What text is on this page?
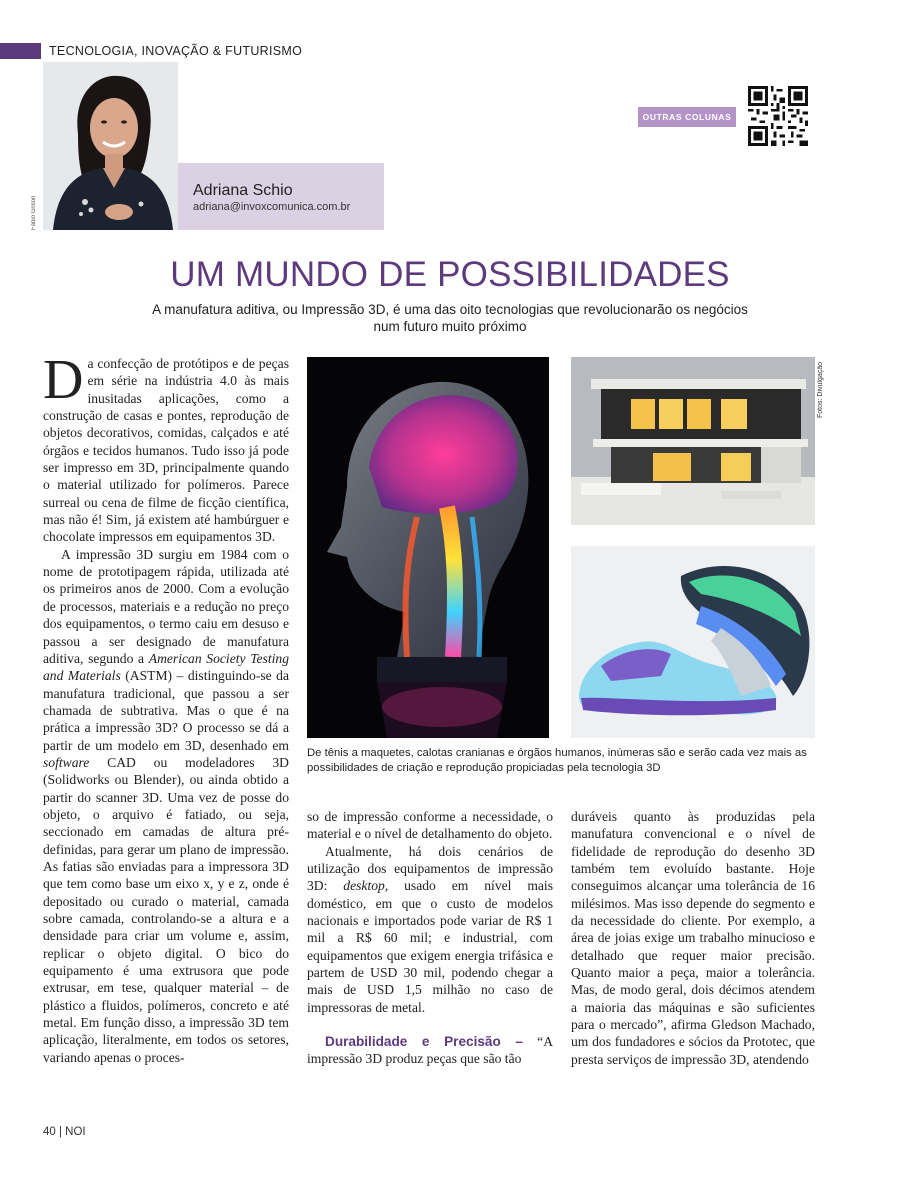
TECNOLOGIA, INOVAÇÃO & FUTURISMO
Fabio Grison
Adriana Schio
adriana@invoxcomunica.com.br
OUTRAS COLUNAS
UM MUNDO DE POSSIBILIDADES
A manufatura aditiva, ou Impressão 3D, é uma das oito tecnologias que revolucionarão os negócios num futuro muito próximo

Da confecção de protótipos e de peças em série na indústria 4.0 às mais inusitadas aplicações, como a construção de casas e pontes, reprodução de objetos decorativos, comidas, calçados e até órgãos e tecidos humanos. Tudo isso já pode ser impresso em 3D, principalmente quando o material utilizado for polímeros. Parece surreal ou cena de filme de ficção científica, mas não é! Sim, já existem até hambúrguer e chocolate impressos em equipamentos 3D.

A impressão 3D surgiu em 1984 com o nome de prototipagem rápida, utilizada até os primeiros anos de 2000. Com a evolução de processos, materiais e a redução no preço dos equipamentos, o termo caiu em desuso e passou a ser designado de manufatura aditiva, segundo a American Society Testing and Materials (ASTM) – distinguindo-se da manufatura tradicional, que passou a ser chamada de subtrativa. Mas o que é na prática a impressão 3D? O processo se dá a partir de um modelo em 3D, desenhado em software CAD ou modeladores 3D (Solidworks ou Blender), ou ainda obtido a partir do scanner 3D. Uma vez de posse do objeto, o arquivo é fatiado, ou seja, seccionado em camadas de altura pré-definidas, para gerar um plano de impressão. As fatias são enviadas para a impressora 3D que tem como base um eixo x, y e z, onde é depositado ou curado o material, camada sobre camada, controlando-se a altura e a densidade para criar um volume e, assim, replicar o objeto digital. O bico do equipamento é uma extrusora que pode extrusar, em tese, qualquer material – de plástico a fluidos, polímeros, concreto e até metal. Em função disso, a impressão 3D tem aplicação, literalmente, em todos os setores, variando apenas o proces-

Fotos: Divulgação
De tênis a maquetes, calotas cranianas e órgãos humanos, inúmeras são e serão cada vez mais as possibilidades de criação e reprodução propiciadas pela tecnologia 3D

so de impressão conforme a necessidade, o material e o nível de detalhamento do objeto.

Atualmente, há dois cenários de utilização dos equipamentos de impressão 3D: desktop, usado em nível mais doméstico, em que o custo de modelos nacionais e importados pode variar de R$ 1 mil a R$ 60 mil; e industrial, com equipamentos que exigem energia trifásica e partem de USD 30 mil, podendo chegar a mais de USD 1,5 milhão no caso de impressoras de metal.

Durabilidade e Precisão – “A impressão 3D produz peças que são tão

duráveis quanto às produzidas pela manufatura convencional e o nível de fidelidade de reprodução do desenho 3D também tem evoluído bastante. Hoje conseguimos alcançar uma tolerância de 16 milésimos. Mas isso depende do segmento e da necessidade do cliente. Por exemplo, a área de joias exige um trabalho minucioso e detalhado que requer maior precisão. Quanto maior a peça, maior a tolerância. Mas, de modo geral, dois décimos atendem a maioria das máquinas e são suficientes para o mercado”, afirma Gledson Machado, um dos fundadores e sócios da Prototec, que presta serviços de impressão 3D, atendendo

40 | NOI
